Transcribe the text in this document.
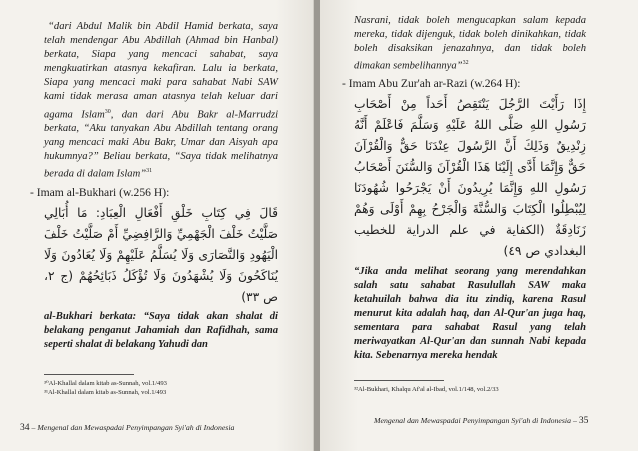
“dari Abdul Malik bin Abdil Hamid berkata, saya telah mendengar Abu Abdillah (Ahmad bin Hanbal) berkata, Siapa yang mencaci sahabat, saya mengkuatirkan atasnya kekafiran. Lalu ia berkata, Siapa yang mencaci maki para sahabat Nabi SAW kami tidak merasa aman atasnya telah keluar dari agama Islam$^{30}$, dan dari Abu Bakr al-Marrudzi berkata, “Aku tanyakan Abu Abdillah tentang orang yang mencaci maki Abu Bakr, Umar dan Aisyah apa hukumnya?” Beliau berkata, “Saya tidak melihatnya berada di dalam Islam”$^{31}$

- Imam al-Bukhari (w.256 H):

قَالَ فِي كِتَابِ خَلْقِ أَفْعَالِ الْعِبَادِ: مَا أُبَالِي صَلَّيْتُ خَلْفَ الْجَهْمِيِّ وَالرَّافِضِيِّ أَمْ صَلَّيْتُ خَلْفَ الْيَهُودِ وَالنَّصَارَى وَلَا يُسَلَّمُ عَلَيْهِمْ وَلَا يُعَادُونَ وَلَا يُنَاكَحُونَ وَلَا يُشْهَدُونَ وَلَا تُؤْكَلُ ذَبَائِحُهُمْ (ج ٢، ص ٣٣)

al-Bukhari berkata: “Saya tidak akan shalat di belakang penganut Jahamiah dan Rafidhah, sama seperti shalat di belakang Yahudi dan

³⁰Al-Khallal dalam kitab as-Sunnah, vol.1/493

³¹Al-Khallal dalam kitab as-Sunnah, vol.1/493

34 – Mengenal dan Mewaspadai Penyimpangan Syi'ah di Indonesia

Nasrani, tidak boleh mengucapkan salam kepada mereka, tidak dijenguk, tidak boleh dinikahkan, tidak boleh disaksikan jenazahnya, dan tidak boleh dimakan sembelihannya”$^{32}$

- Imam Abu Zur'ah ar-Razi (w.264 H):

إِذَا رَأَيْتَ الرَّجُلَ يَنْتَقِصُ أَحَداً مِنْ أَصْحَابِ رَسُولِ اللهِ صَلَّى اللهُ عَلَيْهِ وَسَلَّمَ فَاعْلَمْ أَنَّهُ زِنْدِيقٌ وَذَلِكَ أَنَّ الرَّسُولَ عِنْدَنَا حَقٌّ وَالْقُرْآنَ حَقٌّ وَإِنَّمَا أَدَّى إِلَيْنَا هَذَا الْقُرْآنَ وَالسُّنَنَ أَصْحَابُ رَسُولِ اللهِ وَإِنَّمَا يُرِيدُونَ أَنْ يَجْرَحُوا شُهُودَنَا لِيُبْطِلُوا الْكِتَابَ وَالسُّنَّةَ وَالْجَرْحُ بِهِمْ أَوْلَى وَهُمْ زَنَادِقَةٌ (الكفاية في علم الدراية للخطيب البغدادي ص ٤٩)

“Jika anda melihat seorang yang merendahkan salah satu sahabat Rasulullah SAW maka ketahuilah bahwa dia itu zindiq, karena Rasul menurut kita adalah haq, dan Al-Qur'an juga haq, sementara para sahabat Rasul yang telah meriwayatkan Al-Qur'an dan sunnah Nabi kepada kita. Sebenarnya mereka hendak

³²Al-Bukhari, Khalqu Af'al al-Ibad, vol.1/148, vol.2/33

Mengenal dan Mewaspadai Penyimpangan Syi'ah di Indonesia – 35
